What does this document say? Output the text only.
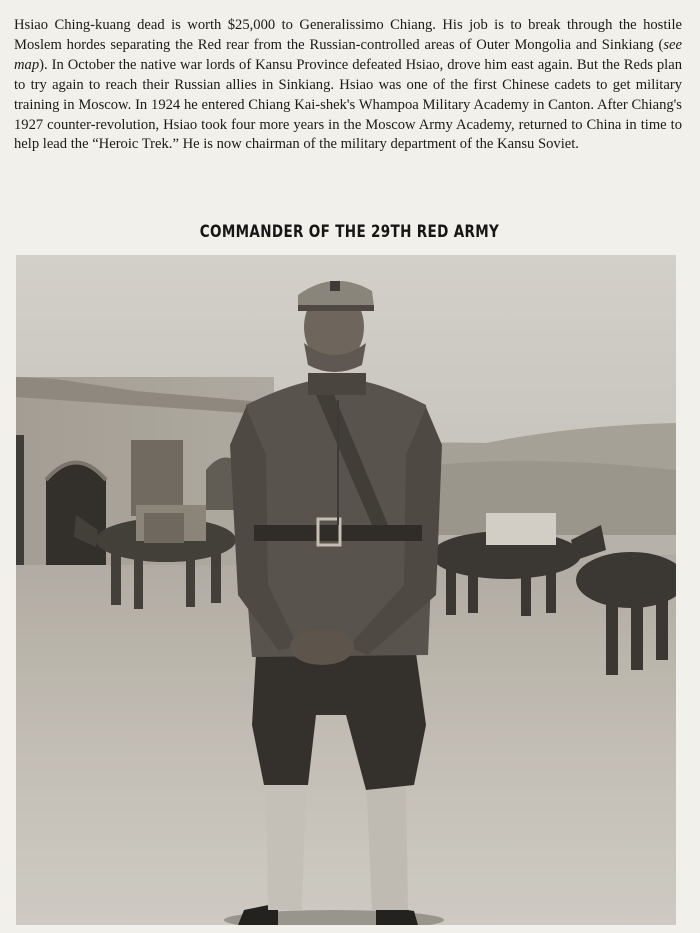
Hsiao Ching-kuang dead is worth $25,000 to Generalissimo Chiang. His job is to break through the hostile Moslem hordes separating the Red rear from the Russian-controlled areas of Outer Mongolia and Sinkiang (see map). In October the native war lords of Kansu Province defeated Hsiao, drove him east again. But the Reds plan to try again to reach their Russian allies in Sinkiang. Hsiao was one of the first Chinese cadets to get military training in Moscow. In 1924 he entered Chiang Kai-shek's Whampoa Military Academy in Canton. After Chiang's 1927 counter-revolution, Hsiao took four more years in the Moscow Army Academy, returned to China in time to help lead the “Heroic Trek.” He is now chairman of the military department of the Kansu Soviet.

COMMANDER OF THE 29TH RED ARMY
